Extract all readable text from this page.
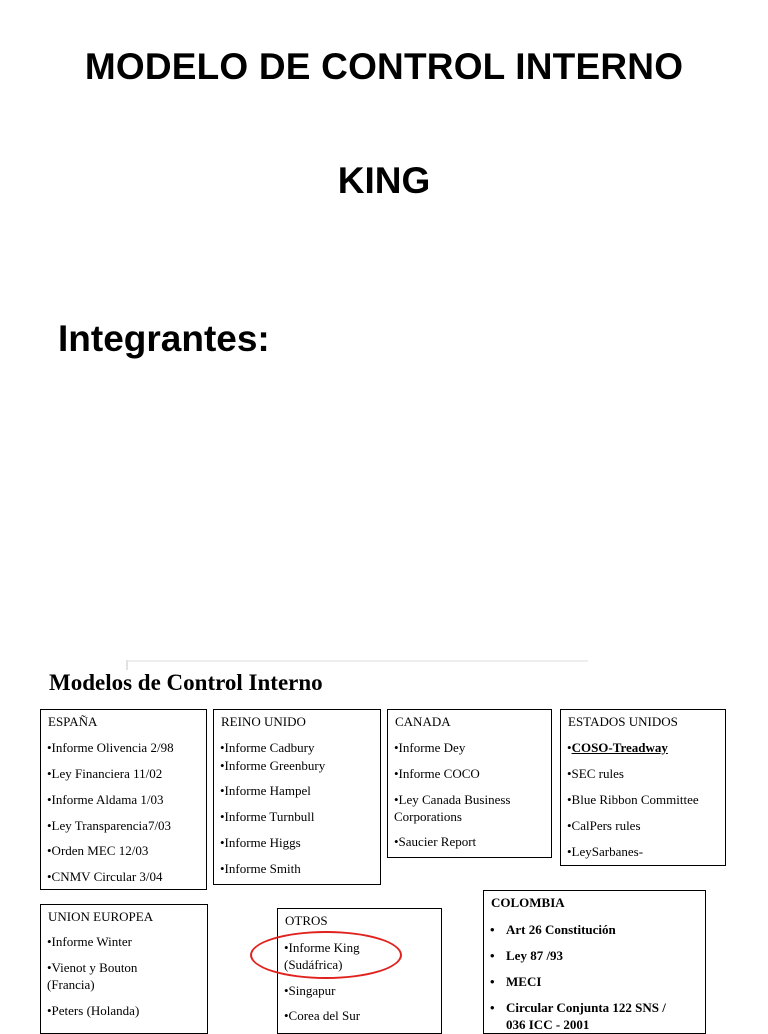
MODELO DE CONTROL INTERNO
KING
Integrantes:
Modelos de Control Interno
ESPAÑA
•Informe Olivencia 2/98
•Ley Financiera 11/02
•Informe Aldama 1/03
•Ley Transparencia7/03
•Orden MEC 12/03
•CNMV Circular 3/04
REINO UNIDO
•Informe Cadbury
•Informe Greenbury
•Informe Hampel
•Informe Turnbull
•Informe Higgs
•Informe Smith
CANADA
•Informe Dey
•Informe COCO
•Ley Canada Business
Corporations
•Saucier Report
ESTADOS UNIDOS
•COSO-Treadway
•SEC rules
•Blue Ribbon Committee
•CalPers rules
•LeySarbanes-
UNION EUROPEA
•Informe Winter
•Vienot y Bouton
(Francia)
•Peters (Holanda)
OTROS
•Informe King
(Sudáfrica)
•Singapur
•Corea del Sur
COLOMBIA
• Art 26 Constitución
• Ley 87 /93
• MECI
• Circular Conjunta 122 SNS /
036 ICC - 2001
